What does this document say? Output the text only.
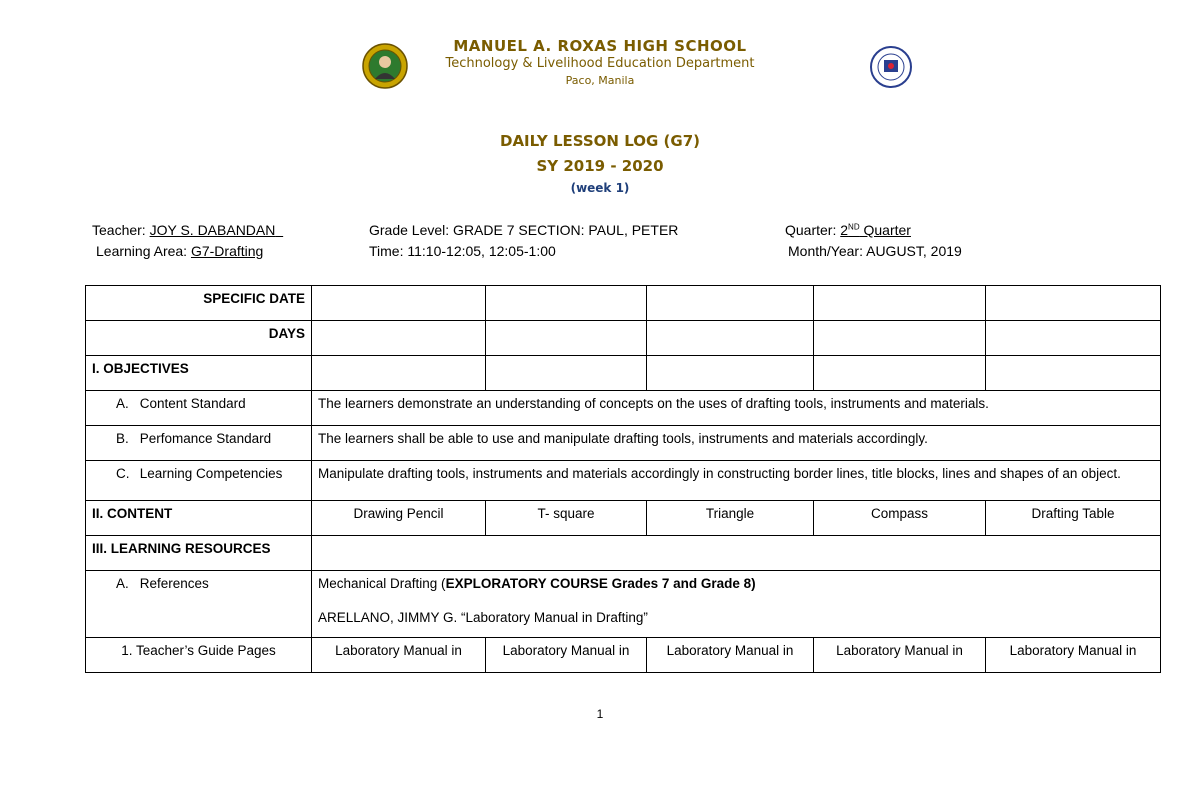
MANUEL A. ROXAS HIGH SCHOOL
Technology & Livelihood Education Department
Paco, Manila
DAILY LESSON LOG (G7)
SY 2019 - 2020
(week 1)
Teacher: JOY S. DABANDAN	Grade Level: GRADE 7 SECTION: PAUL, PETER	Quarter: 2ND Quarter
Learning Area: G7-Drafting	Time: 11:10-12:05, 12:05-1:00	Month/Year: AUGUST, 2019
SPECIFIC DATE					
DAYS					
I. OBJECTIVES					
A. Content Standard	The learners demonstrate an understanding of concepts on the uses of drafting tools, instruments and materials.				
B. Perfomance Standard	The learners shall be able to use and manipulate drafting tools, instruments and materials accordingly.				
C. Learning Competencies	Manipulate drafting tools, instruments and materials accordingly in constructing border lines, title blocks, lines and shapes of an object.				
II. CONTENT	Drawing Pencil	T- square	Triangle	Compass	Drafting Table
III. LEARNING RESOURCES					
A. References	Mechanical Drafting (EXPLORATORY COURSE Grades 7 and Grade 8)
ARELLANO, JIMMY G. “Laboratory Manual in Drafting”				

1. Teacher’s Guide Pages	Laboratory Manual in	Laboratory Manual in	Laboratory Manual in	Laboratory Manual in	Laboratory Manual in
1
